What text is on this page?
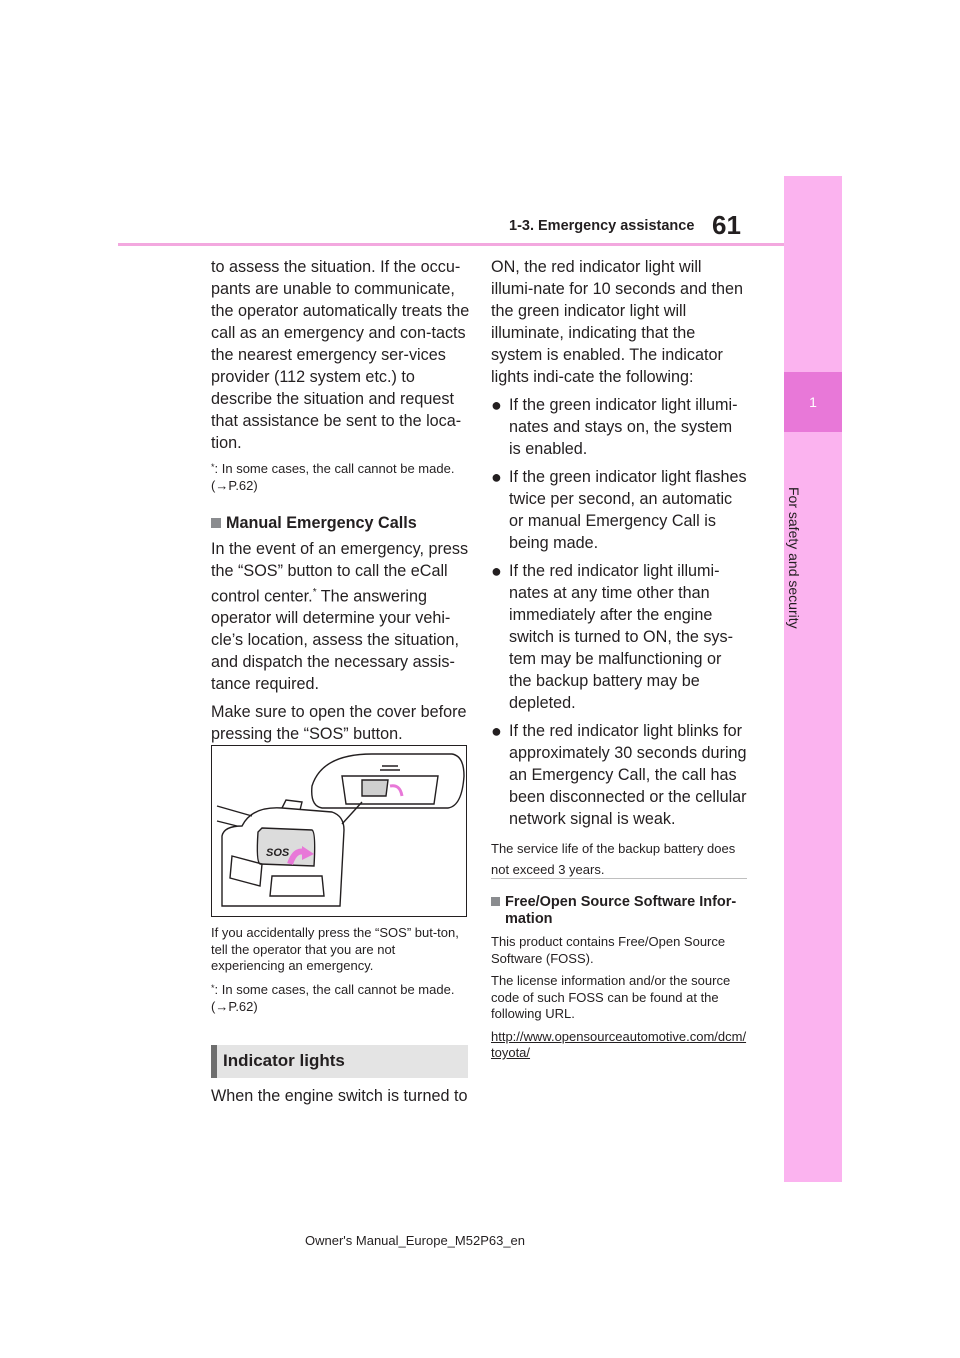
1-3. Emergency assistance 61
1
For safety and security

to assess the situation. If the occu-pants are unable to communicate, the operator automatically treats the call as an emergency and con-tacts the nearest emergency ser-vices provider (112 system etc.) to describe the situation and request that assistance be sent to the loca-tion.

*: In some cases, the call cannot be made. (→P.62)

Manual Emergency Calls

In the event of an emergency, press the “SOS” button to call the eCall control center.* The answering operator will determine your vehi-cle’s location, assess the situation, and dispatch the necessary assis-tance required.

Make sure to open the cover before pressing the “SOS” button.

SOS

If you accidentally press the “SOS” but-ton, tell the operator that you are not experiencing an emergency.

*: In some cases, the call cannot be made. (→P.62)

Indicator lights
When the engine switch is turned to

ON, the red indicator light will illumi-nate for 10 seconds and then the green indicator light will illuminate, indicating that the system is enabled. The indicator lights indi-cate the following:

● If the green indicator light illumi-nates and stays on, the system is enabled.

● If the green indicator light flashes twice per second, an automatic or manual Emergency Call is being made.

● If the red indicator light illumi-nates at any time other than immediately after the engine switch is turned to ON, the sys-tem may be malfunctioning or the backup battery may be depleted.

● If the red indicator light blinks for approximately 30 seconds during an Emergency Call, the call has been disconnected or the cellular network signal is weak.

The service life of the backup battery does not exceed 3 years.

Free/Open Source Software Infor-mation

This product contains Free/Open Source Software (FOSS).

The license information and/or the source code of such FOSS can be found at the following URL.

http://www.opensourceautomotive.com/dcm/toyota/

Owner's Manual_Europe_M52P63_en
